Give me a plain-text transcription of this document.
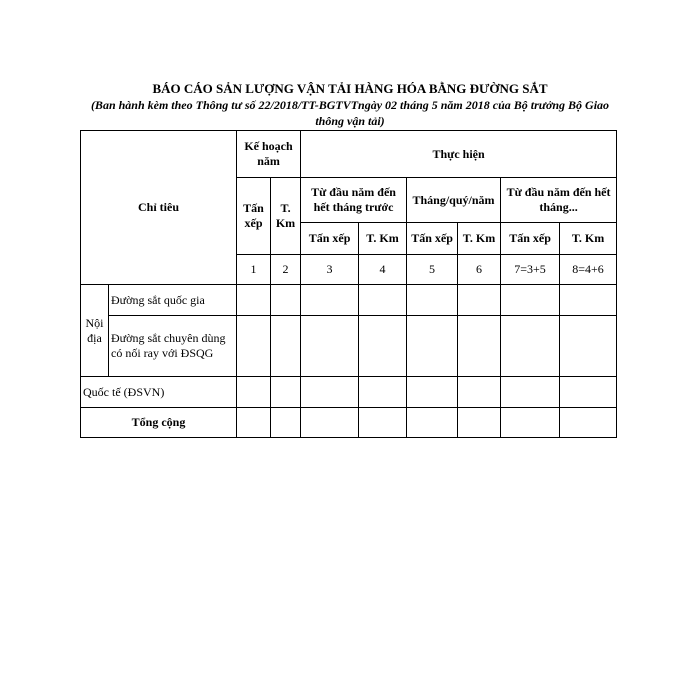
BÁO CÁO SẢN LƯỢNG VẬN TẢI HÀNG HÓA BẰNG ĐƯỜNG SẮT
(Ban hành kèm theo Thông tư số 22/2018/TT-BGTVTngày 02 tháng 5 năm 2018 của Bộ trưởng Bộ Giao thông vận tải)
Chỉ tiêu		Kế hoạch năm		Thực hiện					
		Tấn xếp	T. Km	Từ đầu năm đến hết tháng trước		Tháng/quý/năm		Từ đầu năm đến hết tháng...	
				Tấn xếp	T. Km	Tấn xếp	T. Km	Tấn xếp	T. Km
		1	2	3	4	5	6	7=3+5	8=4+6
Nội địa	Đường sắt quốc gia								
	Đường sắt chuyên dùng có nối ray với ĐSQG								
Quốc tế (ĐSVN)									
Tổng cộng									
